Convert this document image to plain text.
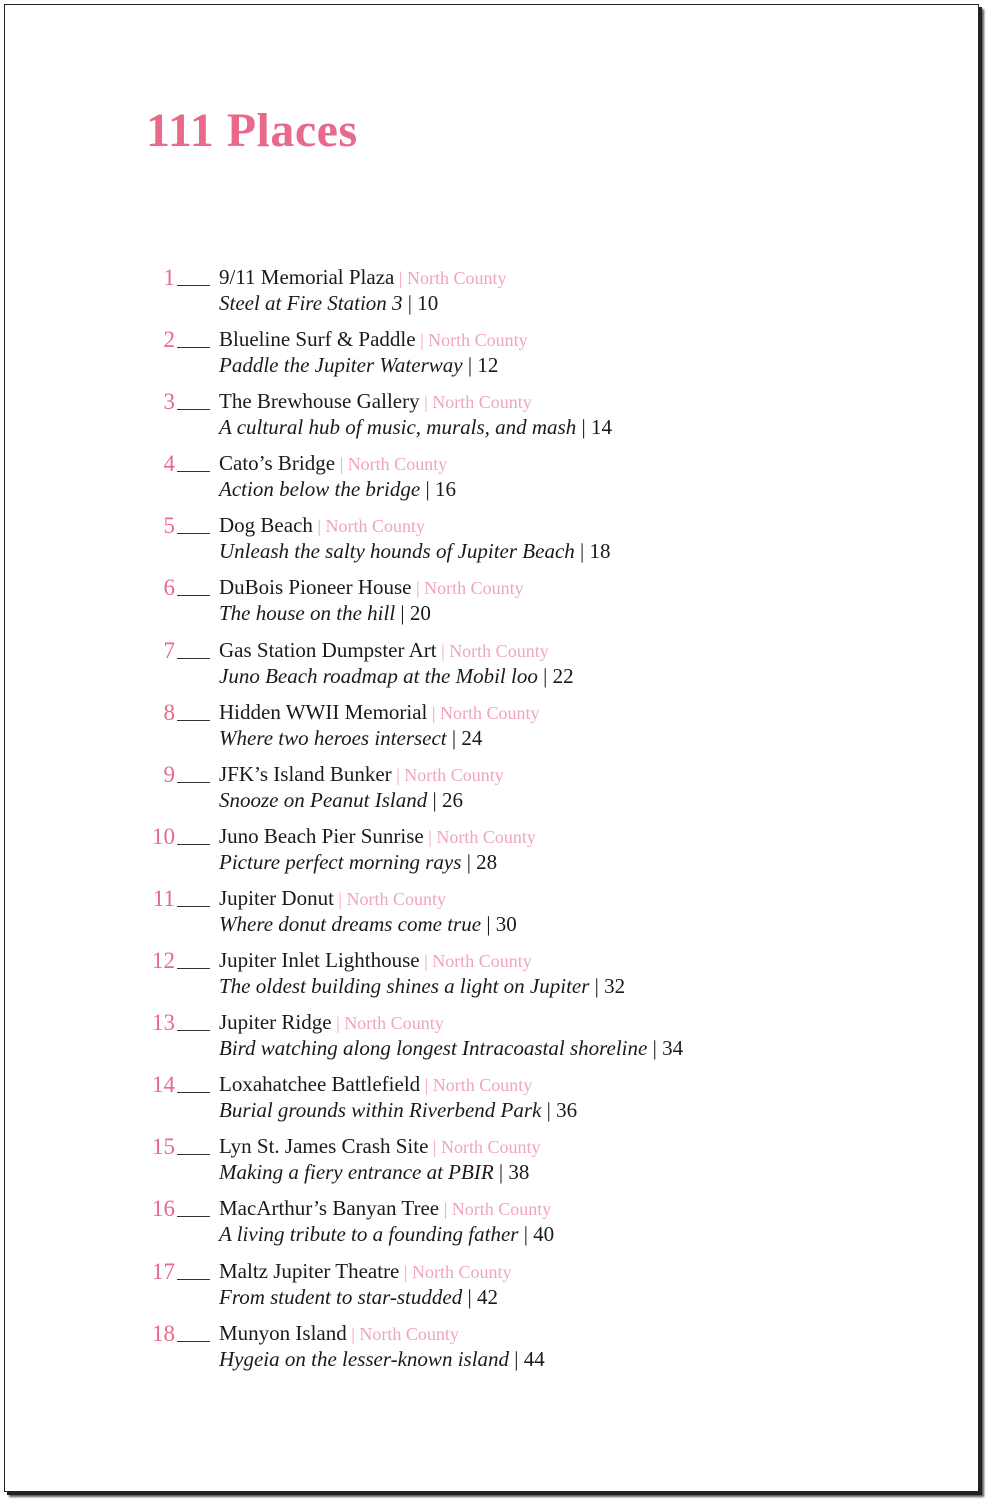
111 Places
1 9/11 Memorial Plaza | North County
Steel at Fire Station 3 | 10
2 Blueline Surf & Paddle | North County
Paddle the Jupiter Waterway | 12
3 The Brewhouse Gallery | North County
A cultural hub of music, murals, and mash | 14
4 Cato’s Bridge | North County
Action below the bridge | 16
5 Dog Beach | North County
Unleash the salty hounds of Jupiter Beach | 18
6 DuBois Pioneer House | North County
The house on the hill | 20
7 Gas Station Dumpster Art | North County
Juno Beach roadmap at the Mobil loo | 22
8 Hidden WWII Memorial | North County
Where two heroes intersect | 24
9 JFK’s Island Bunker | North County
Snooze on Peanut Island | 26
10 Juno Beach Pier Sunrise | North County
Picture perfect morning rays | 28
11 Jupiter Donut | North County
Where donut dreams come true | 30
12 Jupiter Inlet Lighthouse | North County
The oldest building shines a light on Jupiter | 32
13 Jupiter Ridge | North County
Bird watching along longest Intracoastal shoreline | 34
14 Loxahatchee Battlefield | North County
Burial grounds within Riverbend Park | 36
15 Lyn St. James Crash Site | North County
Making a fiery entrance at PBIR | 38
16 MacArthur’s Banyan Tree | North County
A living tribute to a founding father | 40
17 Maltz Jupiter Theatre | North County
From student to star-studded | 42
18 Munyon Island | North County
Hygeia on the lesser-known island | 44
